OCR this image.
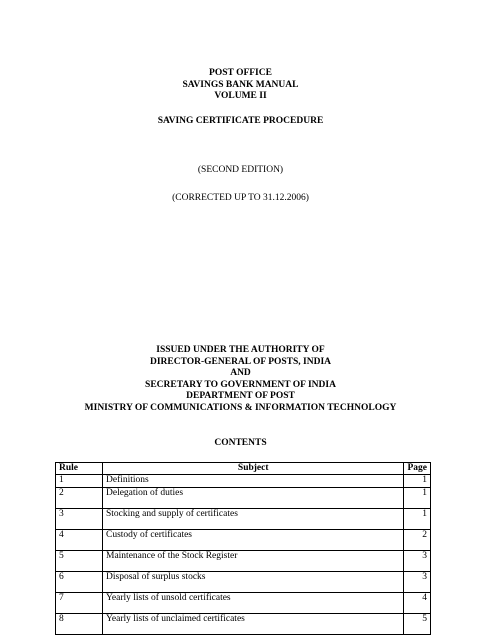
POST OFFICE
SAVINGS BANK MANUAL
VOLUME II
SAVING CERTIFICATE PROCEDURE
(SECOND EDITION)
(CORRECTED UP TO 31.12.2006)
ISSUED UNDER THE AUTHORITY OF
DIRECTOR-GENERAL OF POSTS, INDIA
AND
SECRETARY TO GOVERNMENT OF INDIA
DEPARTMENT OF POST
MINISTRY OF COMMUNICATIONS & INFORMATION TECHNOLOGY
CONTENTS
Rule	Subject	Page
1	Definitions	1
2	Delegation of duties	1
3	Stocking and supply of certificates	1
4	Custody of certificates	2
5	Maintenance of the Stock Register	3
6	Disposal of surplus stocks	3
7	Yearly lists of unsold certificates	4
8	Yearly lists of unclaimed certificates	5
